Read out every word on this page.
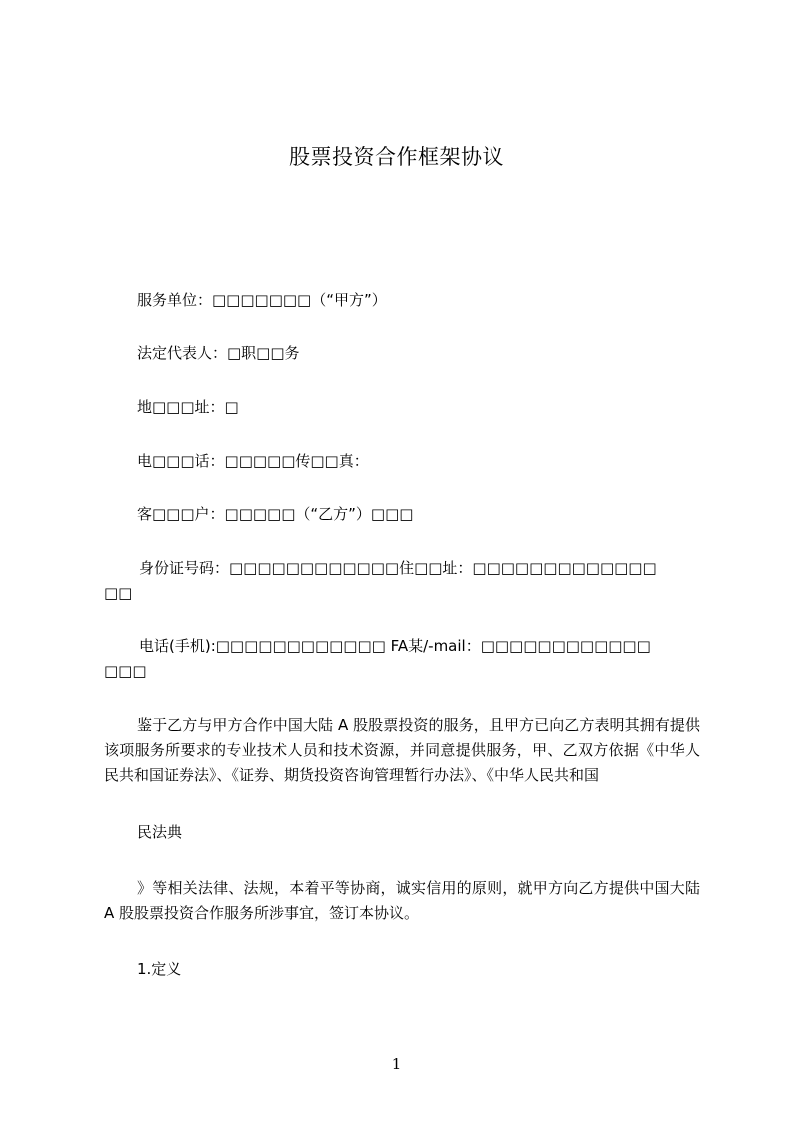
股票投资合作框架协议
服务单位：□□□□□□□（“甲方”）
法定代表人：□职□□务
地□□□址：□
电□□□话：□□□□□传□□真：
客□□□户：□□□□□（“乙方”）□□□
身份证号码：□□□□□□□□□□□□住□□址：□□□□□□□□□□□□□
□□
电话(手机):□□□□□□□□□□□□ FA某/-mail：□□□□□□□□□□□□
□□□
鉴于乙方与甲方合作中国大陆 A 股股票投资的服务，且甲方已向乙方表明其拥有提供该项服务所要求的专业技术人员和技术资源，并同意提供服务，甲、乙双方依据《中华人民共和国证券法》、《证券、期货投资咨询管理暂行办法》、《中华人民共和国
民法典
》等相关法律、法规，本着平等协商，诚实信用的原则，就甲方向乙方提供中国大陆 A 股股票投资合作服务所涉事宜，签订本协议。
1.定义
1
